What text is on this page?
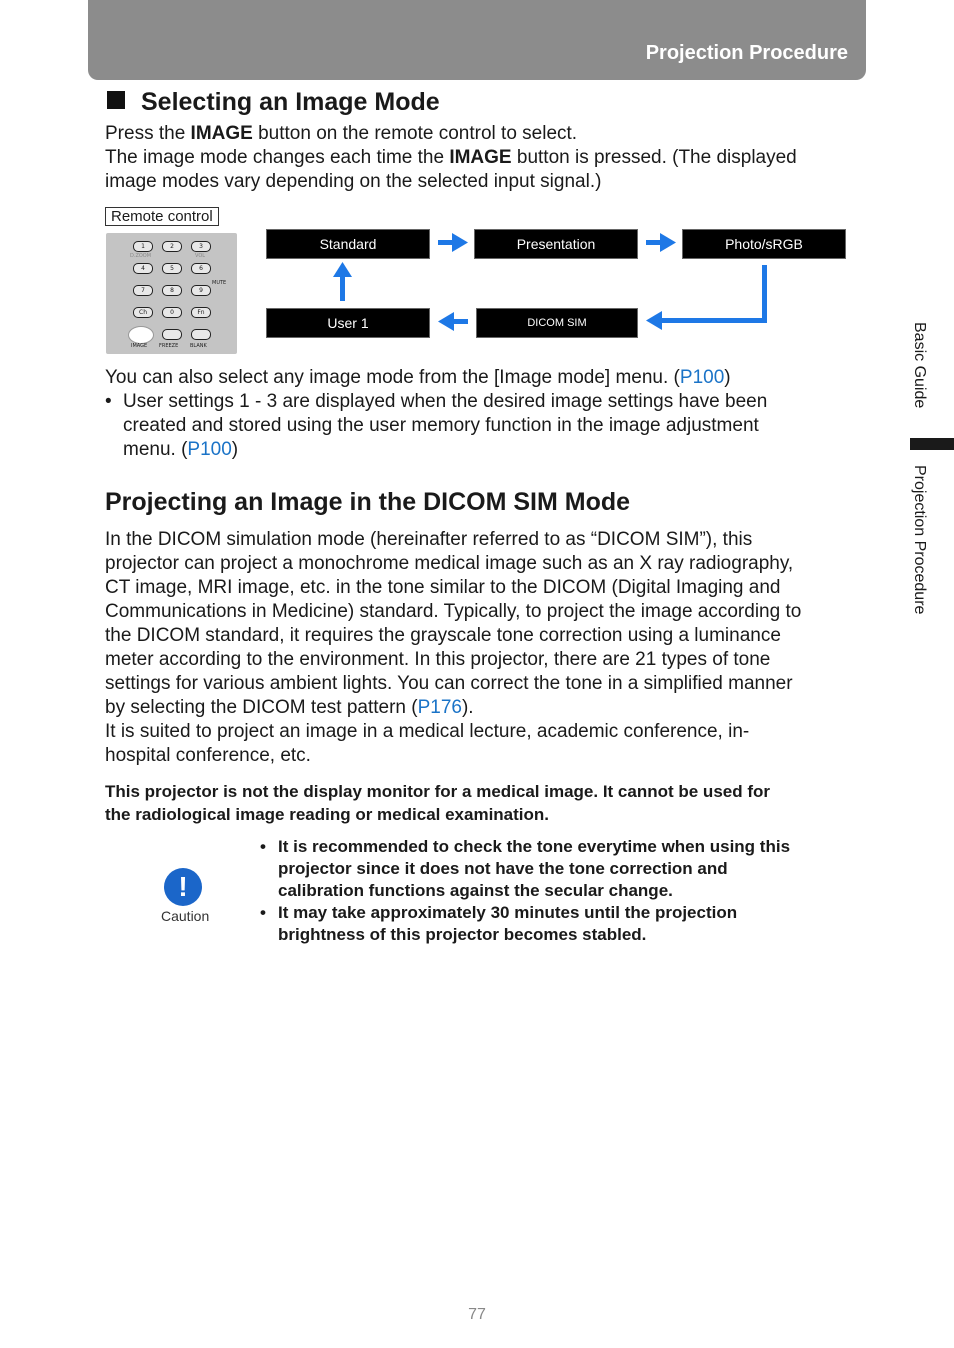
Projection Procedure
Selecting an Image Mode
Press the IMAGE button on the remote control to select.
The image mode changes each time the IMAGE button is pressed. (The displayed
image modes vary depending on the selected input signal.)
Remote control
1	2	3
D.ZOOM	VOL
4	5	6
MUTE
7	8	9
Ch	0	Fn
IMAGE FREEZE BLANK
Standard	Presentation	Photo/sRGB
User 1	DICOM SIM
You can also select any image mode from the [Image mode] menu. (P100)
• User settings 1 - 3 are displayed when the desired image settings have been
created and stored using the user memory function in the image adjustment
menu. (P100)
Projecting an Image in the DICOM SIM Mode
In the DICOM simulation mode (hereinafter referred to as “DICOM SIM”), this
projector can project a monochrome medical image such as an X ray radiography,
CT image, MRI image, etc. in the tone similar to the DICOM (Digital Imaging and
Communications in Medicine) standard. Typically, to project the image according to
the DICOM standard, it requires the grayscale tone correction using a luminance
meter according to the environment. In this projector, there are 21 types of tone
settings for various ambient lights. You can correct the tone in a simplified manner
by selecting the DICOM test pattern (P176).
It is suited to project an image in a medical lecture, academic conference, in-
hospital conference, etc.
This projector is not the display monitor for a medical image. It cannot be used for
the radiological image reading or medical examination.
!
Caution
• It is recommended to check the tone everytime when using this
projector since it does not have the tone correction and
calibration functions against the secular change.
• It may take approximately 30 minutes until the projection
brightness of this projector becomes stabled.
Basic Guide
Projection Procedure
77
